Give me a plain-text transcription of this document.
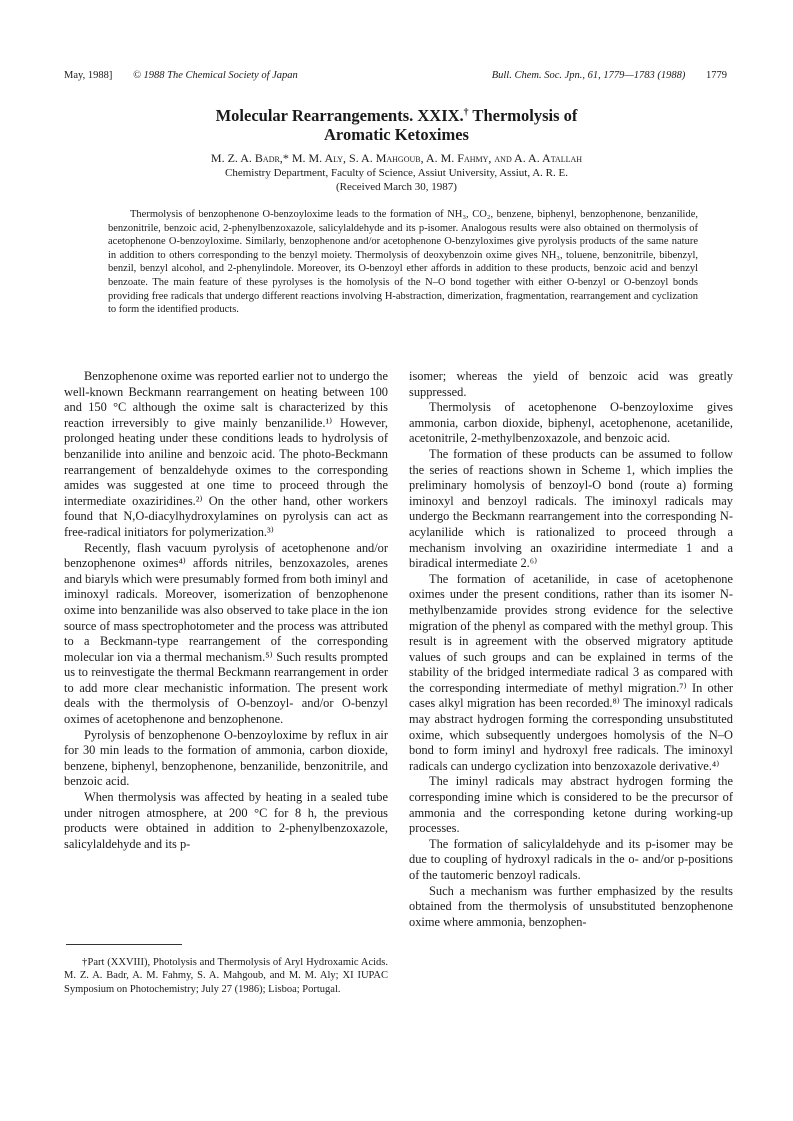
May, 1988] © 1988 The Chemical Society of Japan	Bull. Chem. Soc. Jpn., 61, 1779—1783 (1988) 1779
Molecular Rearrangements. XXIX.† Thermolysis of
Aromatic Ketoximes
M. Z. A. Badr,* M. M. Aly, S. A. Mahgoub, A. M. Fahmy, and A. A. Atallah
Chemistry Department, Faculty of Science, Assiut University, Assiut, A. R. E.
(Received March 30, 1987)

Thermolysis of benzophenone O-benzoyloxime leads to the formation of NH₃, CO₂, benzene, biphenyl, benzophenone, benzanilide, benzonitrile, benzoic acid, 2-phenylbenzoxazole, salicylaldehyde and its p-isomer. Analogous results were also obtained on thermolysis of acetophenone O-benzoyloxime. Similarly, benzophenone and/or acetophenone O-benzyloximes give pyrolysis products of the same nature in addition to others corresponding to the benzyl moiety. Thermolysis of deoxybenzoin oxime gives NH₃, toluene, benzonitrile, bibenzyl, benzil, benzyl alcohol, and 2-phenylindole. Moreover, its O-benzoyl ether affords in addition to these products, benzoic acid and benzyl benzoate. The main feature of these pyrolyses is the homolysis of the N–O bond together with either O-benzyl or O-benzoyl bonds providing free radicals that undergo different reactions involving H-abstraction, dimerization, fragmentation, rearrangement and cyclization to form the identified products.

Benzophenone oxime was reported earlier not to undergo the well-known Beckmann rearrangement on heating between 100 and 150 °C although the oxime salt is characterized by this reaction irreversibly to give mainly benzanilide.¹⁾ However, prolonged heating under these conditions leads to hydrolysis of benzanilide into aniline and benzoic acid. The photo-Beckmann rearrangement of benzaldehyde oximes to the corresponding amides was suggested at one time to proceed through the intermediate oxaziridines.²⁾ On the other hand, other workers found that N,O-diacylhydroxylamines on pyrolysis can act as free-radical initiators for polymerization.³⁾

Recently, flash vacuum pyrolysis of acetophenone and/or benzophenone oximes⁴⁾ affords nitriles, benzoxazoles, arenes and biaryls which were presumably formed from both iminyl and iminoxyl radicals. Moreover, isomerization of benzophenone oxime into benzanilide was also observed to take place in the ion source of mass spectrophotometer and the process was attributed to a Beckmann-type rearrangement of the corresponding molecular ion via a thermal mechanism.⁵⁾ Such results prompted us to reinvestigate the thermal Beckmann rearrangement in order to add more clear mechanistic information. The present work deals with the thermolysis of O-benzoyl- and/or O-benzyl oximes of acetophenone and benzophenone.

Pyrolysis of benzophenone O-benzoyloxime by reflux in air for 30 min leads to the formation of ammonia, carbon dioxide, benzene, biphenyl, benzophenone, benzanilide, benzonitrile, and benzoic acid.

When thermolysis was affected by heating in a sealed tube under nitrogen atmosphere, at 200 °C for 8 h, the previous products were obtained in addition to 2-phenylbenzoxazole, salicylaldehyde and its p-

isomer; whereas the yield of benzoic acid was greatly suppressed.

Thermolysis of acetophenone O-benzoyloxime gives ammonia, carbon dioxide, biphenyl, acetophenone, acetanilide, acetonitrile, 2-methylbenzoxazole, and benzoic acid.

The formation of these products can be assumed to follow the series of reactions shown in Scheme 1, which implies the preliminary homolysis of benzoyl-O bond (route a) forming iminoxyl and benzoyl radicals. The iminoxyl radicals may undergo the Beckmann rearrangement into the corresponding N-acylanilide which is rationalized to proceed through a mechanism involving an oxaziridine intermediate 1 and a biradical intermediate 2.⁶⁾

The formation of acetanilide, in case of acetophenone oximes under the present conditions, rather than its isomer N-methylbenzamide provides strong evidence for the selective migration of the phenyl as compared with the methyl group. This result is in agreement with the observed migratory aptitude values of such groups and can be explained in terms of the stability of the bridged intermediate radical 3 as compared with the corresponding intermediate of methyl migration.⁷⁾ In other cases alkyl migration has been recorded.⁸⁾ The iminoxyl radicals may abstract hydrogen forming the corresponding unsubstituted oxime, which subsequently undergoes homolysis of the N–O bond to form iminyl and hydroxyl free radicals. The iminoxyl radicals can undergo cyclization into benzoxazole derivative.⁴⁾

The iminyl radicals may abstract hydrogen forming the corresponding imine which is considered to be the precursor of ammonia and the corresponding ketone during working-up processes.

The formation of salicylaldehyde and its p-isomer may be due to coupling of hydroxyl radicals in the o- and/or p-positions of the tautomeric benzoyl radicals.

Such a mechanism was further emphasized by the results obtained from the thermolysis of unsubstituted benzophenone oxime where ammonia, benzophen-

†Part (XXVIII), Photolysis and Thermolysis of Aryl Hydroxamic Acids. M. Z. A. Badr, A. M. Fahmy, S. A. Mahgoub, and M. M. Aly; XI IUPAC Symposium on Photochemistry; July 27 (1986); Lisboa; Portugal.
